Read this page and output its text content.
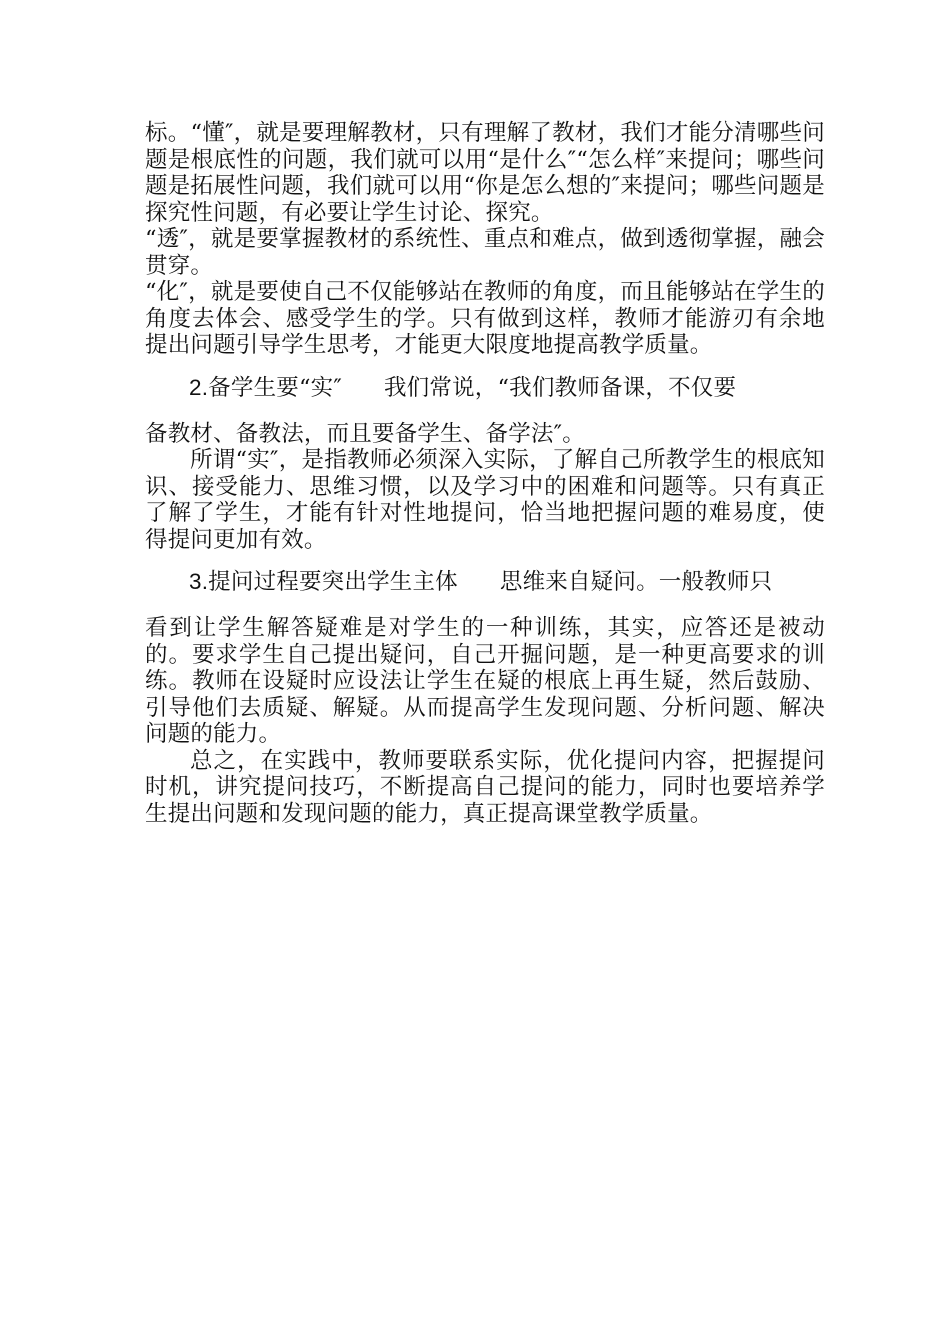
标。“懂″，就是要理解教材，只有理解了教材，我们才能分清哪些问题是根底性的问题，我们就可以用“是什么″“怎么样″来提问；哪些问题是拓展性问题，我们就可以用“你是怎么想的″来提问；哪些问题是探究性问题，有必要让学生讨论、探究。

“透″，就是要掌握教材的系统性、重点和难点，做到透彻掌握，融会贯穿。

“化″，就是要使自己不仅能够站在教师的角度，而且能够站在学生的角度去体会、感受学生的学。只有做到这样，教师才能游刃有余地提出问题引导学生思考，才能更大限度地提高教学质量。

2.备学生要“实″ 我们常说，“我们教师备课，不仅要

备教材、备教法，而且要备学生、备学法″。

所谓“实″，是指教师必须深入实际，了解自己所教学生的根底知识、接受能力、思维习惯，以及学习中的困难和问题等。只有真正了解了学生，才能有针对性地提问，恰当地把握问题的难易度，使得提问更加有效。

3.提问过程要突出学生主体 思维来自疑问。一般教师只

看到让学生解答疑难是对学生的一种训练，其实，应答还是被动的。要求学生自己提出疑问，自己开掘问题，是一种更高要求的训练。教师在设疑时应设法让学生在疑的根底上再生疑，然后鼓励、引导他们去质疑、解疑。从而提高学生发现问题、分析问题、解决问题的能力。

总之，在实践中，教师要联系实际，优化提问内容，把握提问时机，讲究提问技巧，不断提高自己提问的能力，同时也要培养学生提出问题和发现问题的能力，真正提高课堂教学质量。
